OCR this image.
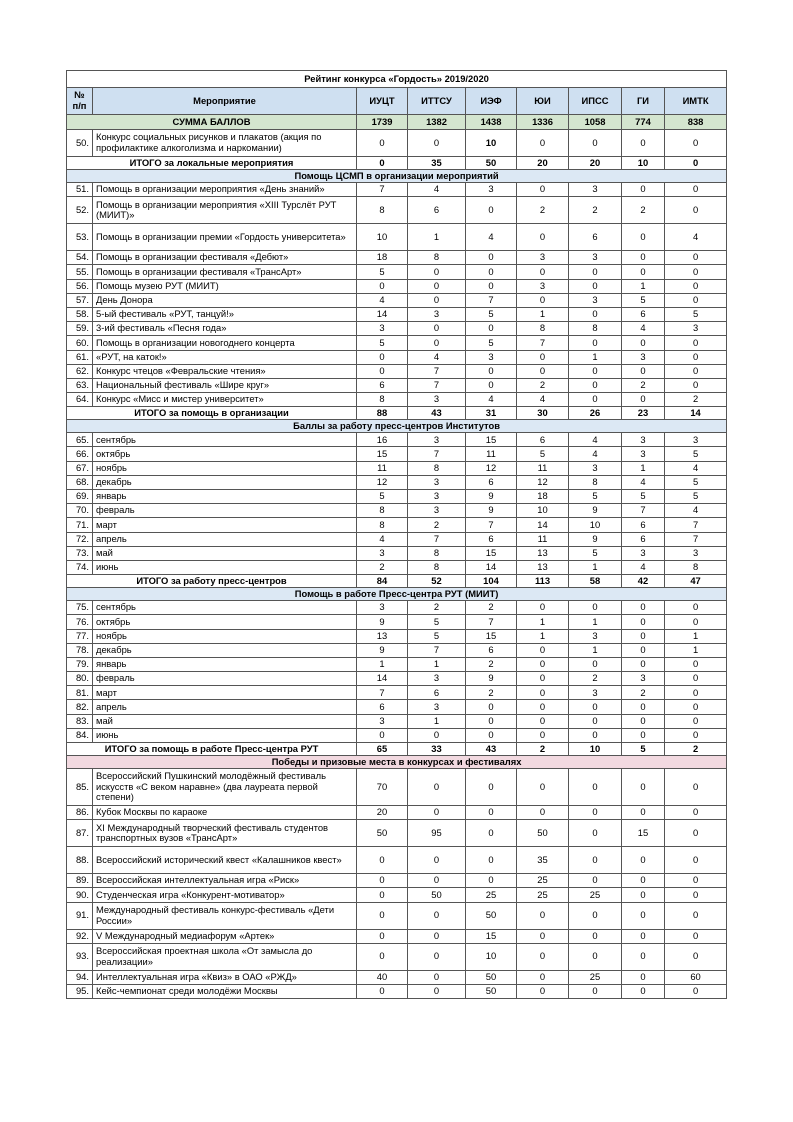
Рейтинг конкурса «Гордость» 2019/2020								
№ п/п	Мероприятие	ИУЦТ	ИТТСУ	ИЭФ	ЮИ	ИПСС	ГИ	ИМТК
СУММА БАЛЛОВ		1739	1382	1438	1336	1058	774	838
50.	Конкурс социальных рисунков и плакатов (акция по профилактике алкоголизма и наркомании)	0	0	10	0	0	0	0
ИТОГО за локальные мероприятия		0	35	50	20	20	10	0
Помощь ЦСМП в организации мероприятий								
51.	Помощь в организации мероприятия «День знаний»	7	4	3	0	3	0	0
52.	Помощь в организации мероприятия «XIII Турслёт РУТ (МИИТ)»	8	6	0	2	2	2	0
53.	Помощь в организации премии «Гордость университета»	10	1	4	0	6	0	4
54.	Помощь в организации фестиваля «Дебют»	18	8	0	3	3	0	0
55.	Помощь в организации фестиваля «ТрансАрт»	5	0	0	0	0	0	0
56.	Помощь музею РУТ (МИИТ)	0	0	0	3	0	1	0
57.	День Донора	4	0	7	0	3	5	0
58.	5-ый фестиваль «РУТ, танцуй!»	14	3	5	1	0	6	5
59.	3-ий фестиваль «Песня года»	3	0	0	8	8	4	3
60.	Помощь в организации новогоднего концерта	5	0	5	7	0	0	0
61.	«РУТ, на каток!»	0	4	3	0	1	3	0
62.	Конкурс чтецов «Февральские чтения»	0	7	0	0	0	0	0
63.	Национальный фестиваль «Шире круг»	6	7	0	2	0	2	0
64.	Конкурс «Мисс и мистер университет»	8	3	4	4	0	0	2
ИТОГО за помощь в организации		88	43	31	30	26	23	14
Баллы за работу пресс-центров Институтов								
65.	сентябрь	16	3	15	6	4	3	3
66.	октябрь	15	7	11	5	4	3	5
67.	ноябрь	11	8	12	11	3	1	4
68.	декабрь	12	3	6	12	8	4	5
69.	январь	5	3	9	18	5	5	5
70.	февраль	8	3	9	10	9	7	4
71.	март	8	2	7	14	10	6	7
72.	апрель	4	7	6	11	9	6	7
73.	май	3	8	15	13	5	3	3
74.	июнь	2	8	14	13	1	4	8
ИТОГО за работу пресс-центров		84	52	104	113	58	42	47
Помощь в работе Пресс-центра РУТ (МИИТ)								
75.	сентябрь	3	2	2	0	0	0	0
76.	октябрь	9	5	7	1	1	0	0
77.	ноябрь	13	5	15	1	3	0	1
78.	декабрь	9	7	6	0	1	0	1
79.	январь	1	1	2	0	0	0	0
80.	февраль	14	3	9	0	2	3	0
81.	март	7	6	2	0	3	2	0
82.	апрель	6	3	0	0	0	0	0
83.	май	3	1	0	0	0	0	0
84.	июнь	0	0	0	0	0	0	0
ИТОГО за помощь в работе Пресс-центра РУТ		65	33	43	2	10	5	2
Победы и призовые места в конкурсах и фестивалях								
85.	Всероссийский Пушкинский молодёжный фестиваль искусств «С веком наравне» (два лауреата первой степени)	70	0	0	0	0	0	0
86.	Кубок Москвы по караоке	20	0	0	0	0	0	0
87.	XI Международный творческий фестиваль студентов транспортных вузов «ТрансАрт»	50	95	0	50	0	15	0
88.	Всероссийский исторический квест «Калашников квест»	0	0	0	35	0	0	0
89.	Всероссийская интеллектуальная игра «Риск»	0	0	0	25	0	0	0
90.	Студенческая игра «Конкурент-мотиватор»	0	50	25	25	25	0	0
91.	Международный фестиваль конкурс-фестиваль «Дети России»	0	0	50	0	0	0	0
92.	V Международный медиафорум «Артек»	0	0	15	0	0	0	0
93.	Всероссийская проектная школа «От замысла до реализации»	0	0	10	0	0	0	0
94.	Интеллектуальная игра «Квиз» в ОАО «РЖД»	40	0	50	0	25	0	60
95.	Кейс-чемпионат среди молодёжи Москвы	0	0	50	0	0	0	0
